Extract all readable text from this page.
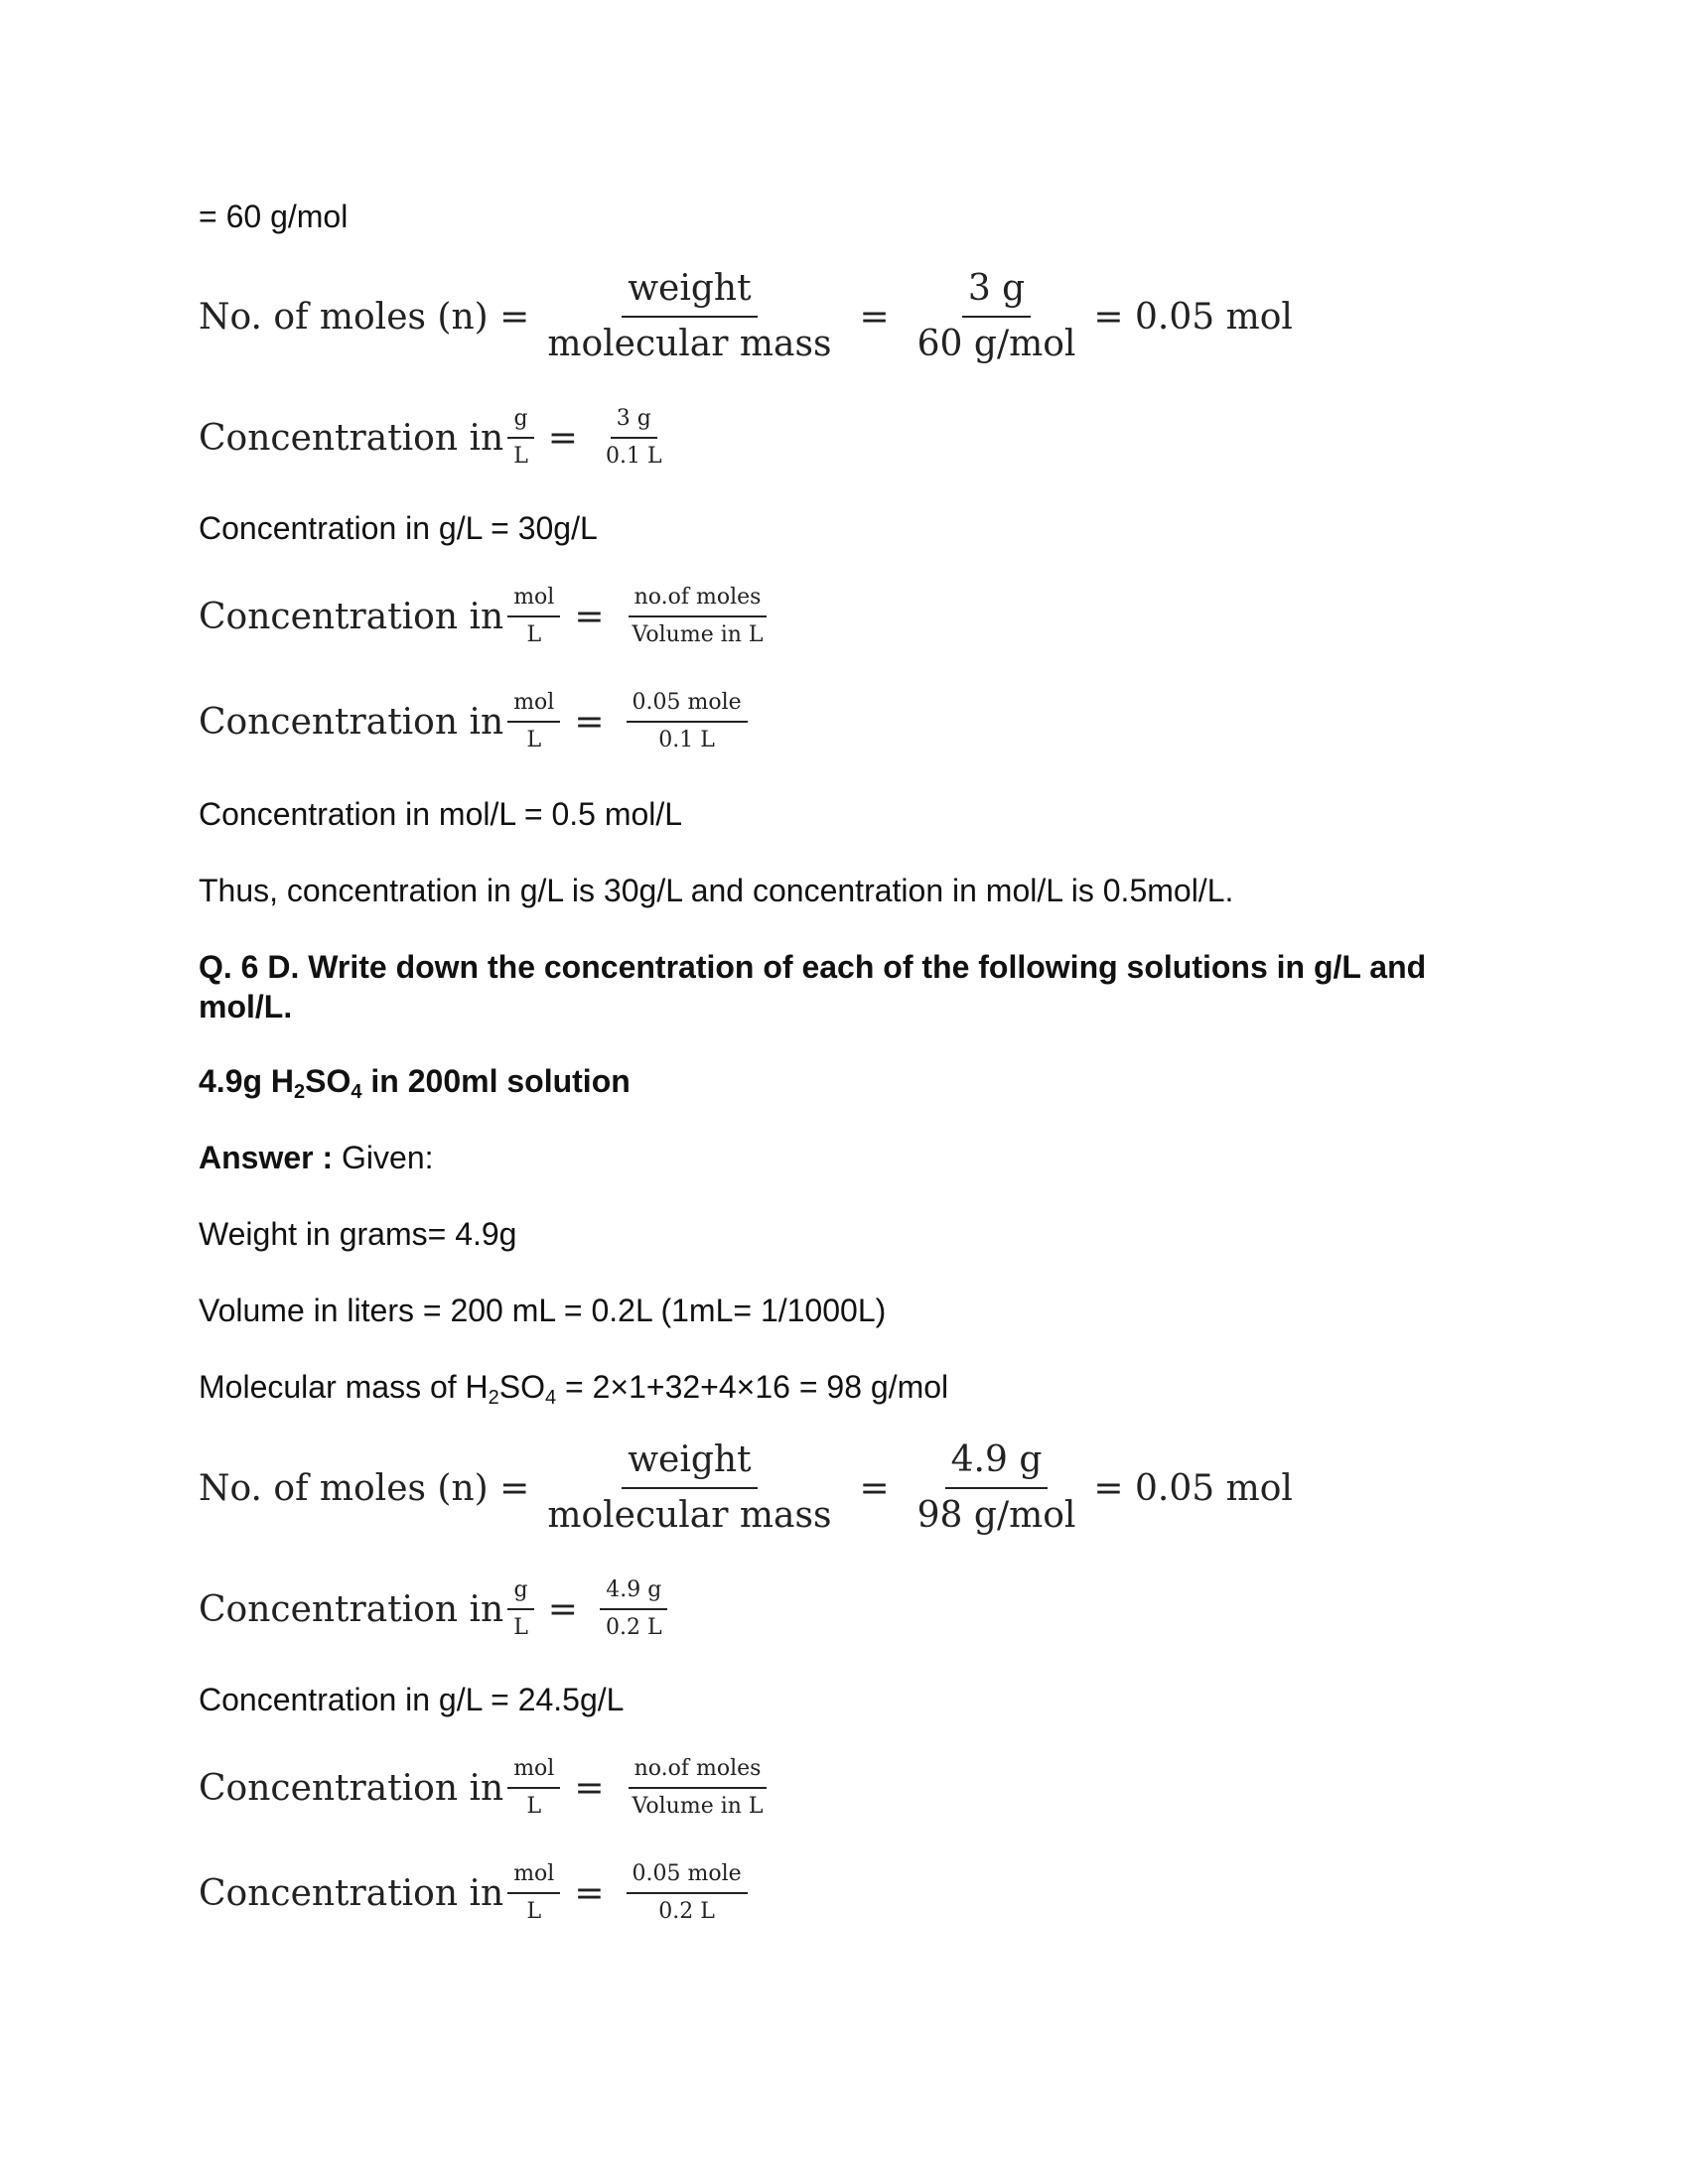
= 60 g/mol
No. of moles $(n) = \frac{\text{weight}}{\text{molecular mass}} = \frac{3 g}{\text{60 g/mol}} = 0.05$ mol
Concentration in $\frac{g}{L} = \frac{3 g}{0.1 L}$
Concentration in g/L = 30g/L
Concentration in $\frac{\text{mol}}{L} = \frac{\text{no.of moles}}{\text{Volume in L}}$
Concentration in $\frac{\text{mol}}{L} = \frac{\text{0.05 mole}}{0.1 L}$
Concentration in mol/L = 0.5 mol/L
Thus, concentration in g/L is 30g/L and concentration in mol/L is 0.5mol/L.
Q. 6 D. Write down the concentration of each of the following solutions in g/L and mol/L.
4.9g $H_2SO_4$ in 200ml solution
Answer : Given:
Weight in grams= 4.9g
Volume in liters = 200 mL = 0.2L (1mL= 1/1000L)
Molecular mass of $H_2SO_4 = 2\times 1+32+4\times 16 = 98$ g/mol
No. of moles $(n) = \frac{\text{weight}}{\text{molecular mass}} = \frac{4.9 g}{\text{98 g/mol}} = 0.05$ mol
Concentration in $\frac{g}{L} = \frac{4.9 g}{0.2 L}$
Concentration in g/L = 24.5g/L
Concentration in $\frac{\text{mol}}{L} = \frac{\text{no.of moles}}{\text{Volume in L}}$
Concentration in $\frac{\text{mol}}{L} = \frac{\text{0.05 mole}}{0.2 L}$
